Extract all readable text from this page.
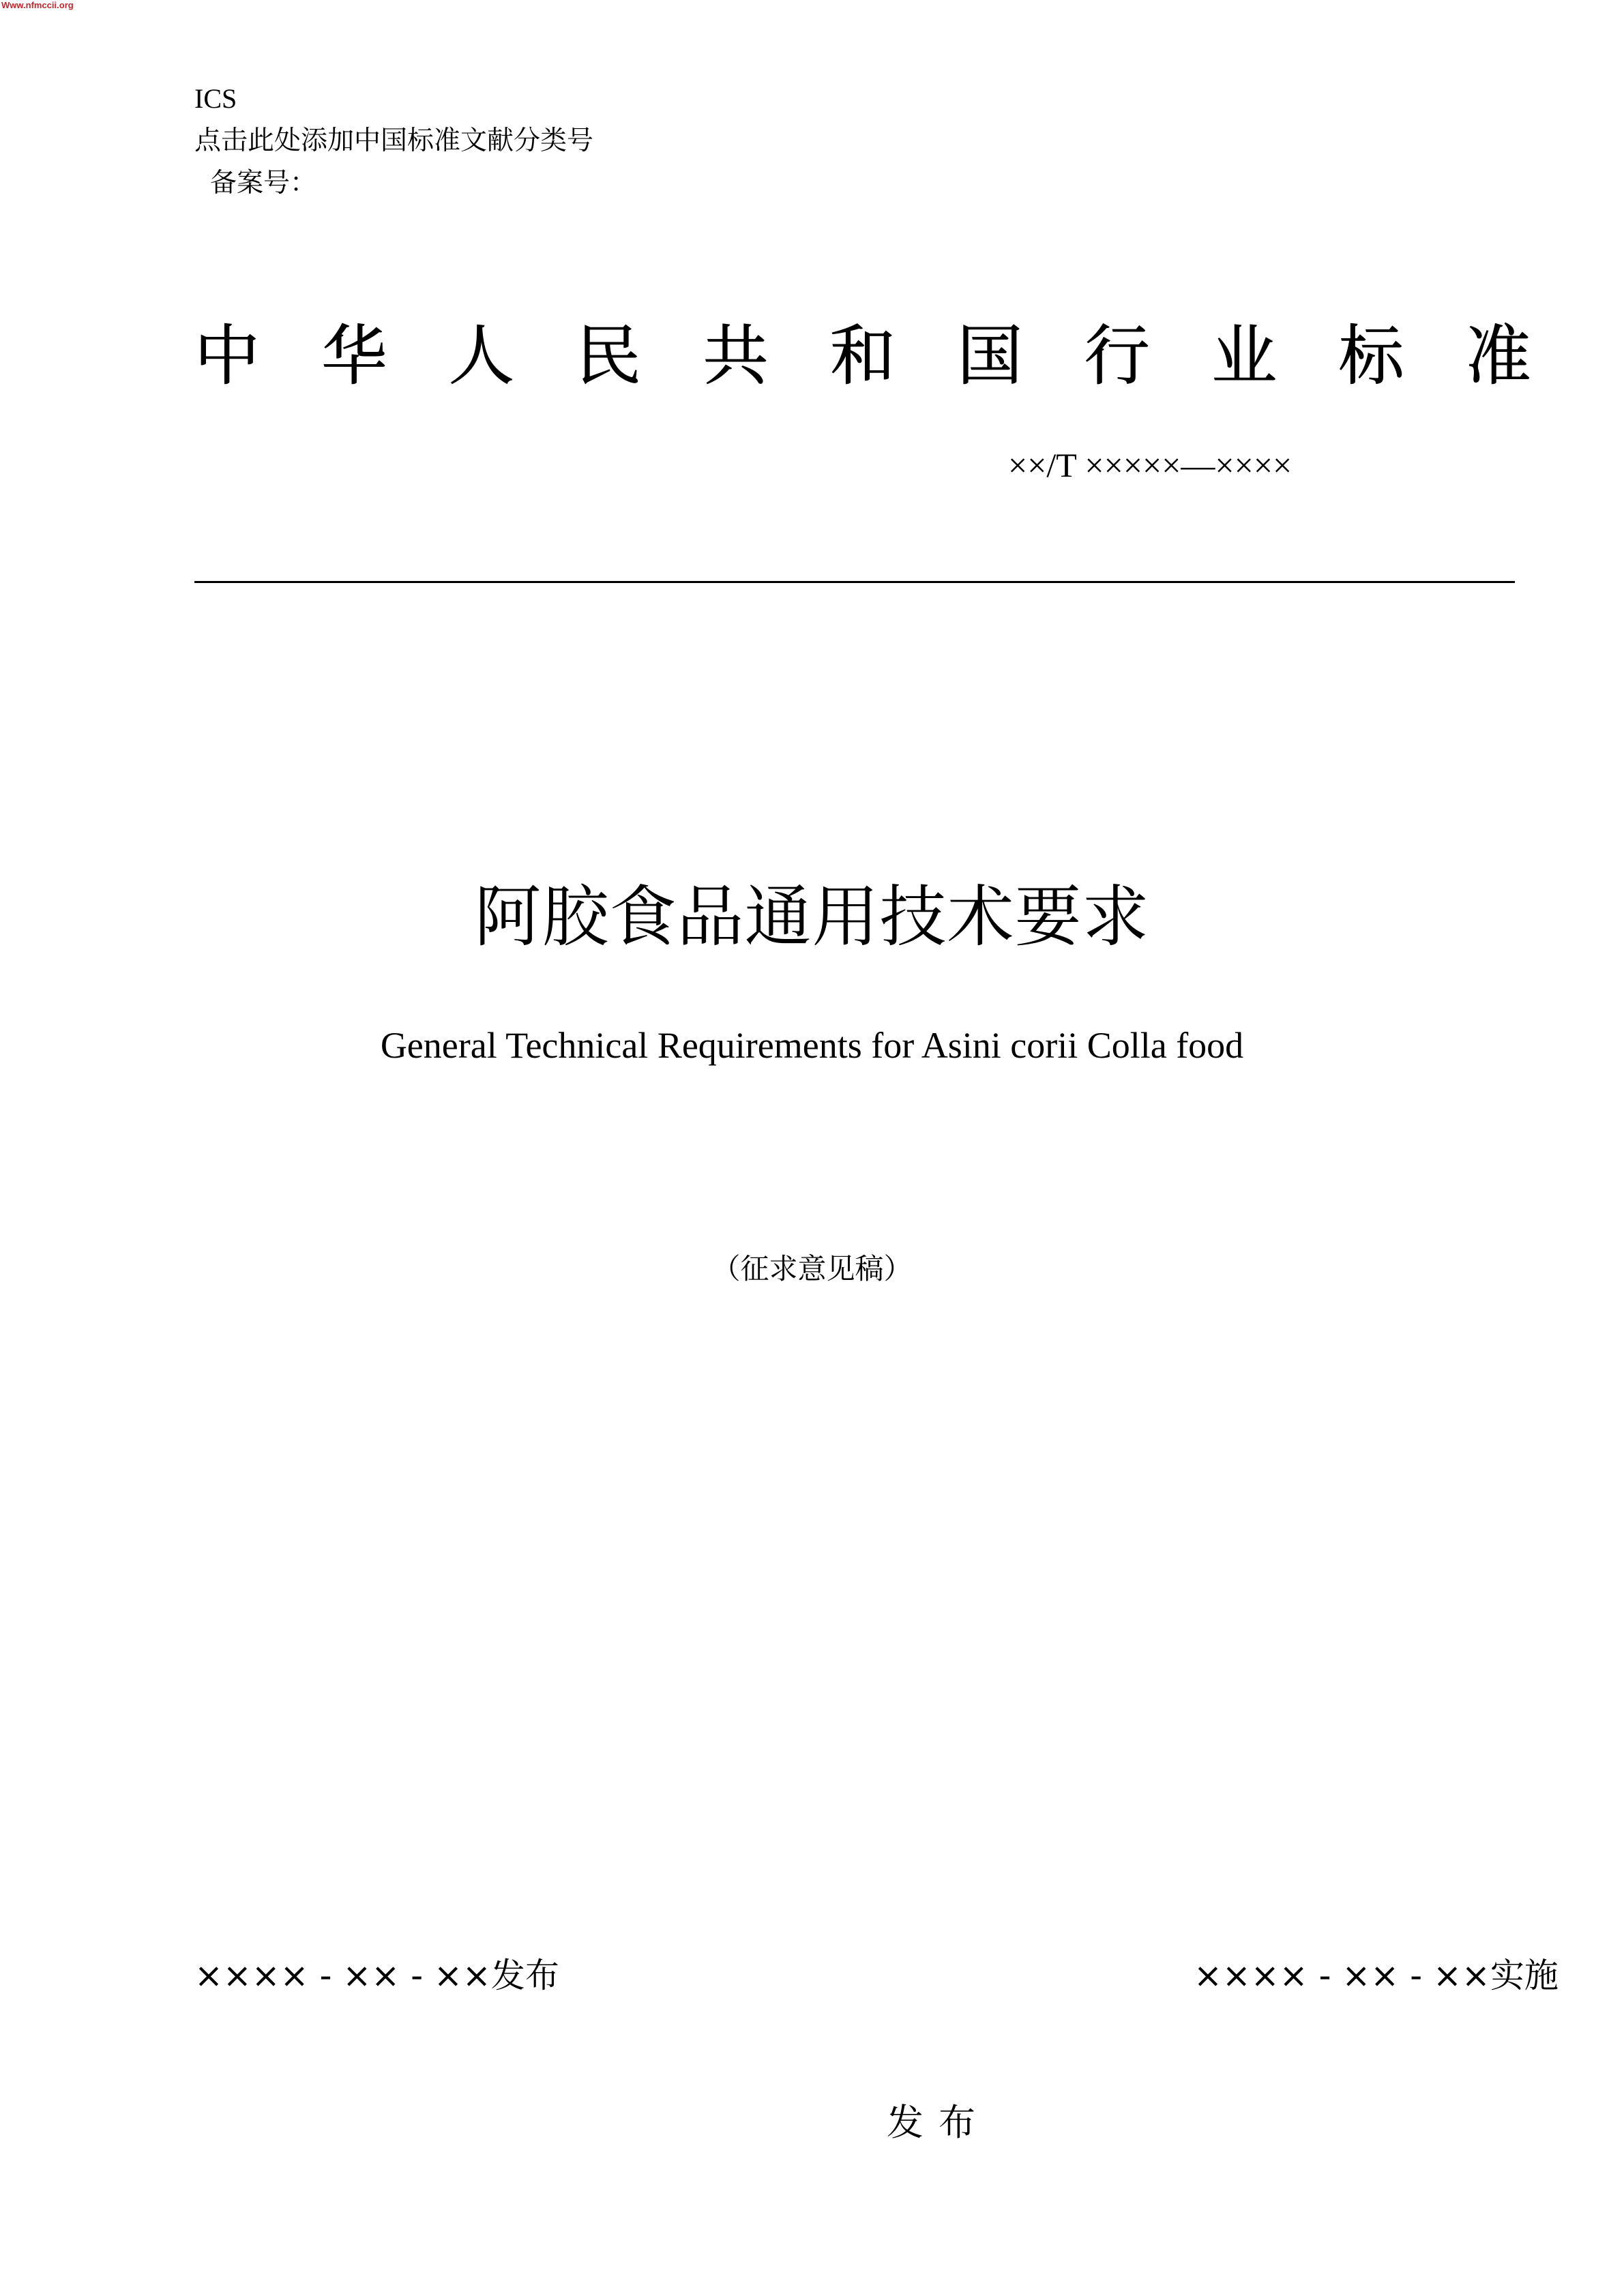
Www.nfmccii.org
ICS
点击此处添加中国标准文献分类号
备案号：
中 华 人 民 共 和 国 行 业 标 准
××/T ×××××—××××
阿胶食品通用技术要求
General Technical Requirements for Asini corii Colla food
（征求意见稿）
×××× - ×× - ××发布	×××× - ×× - ××实施
发布
